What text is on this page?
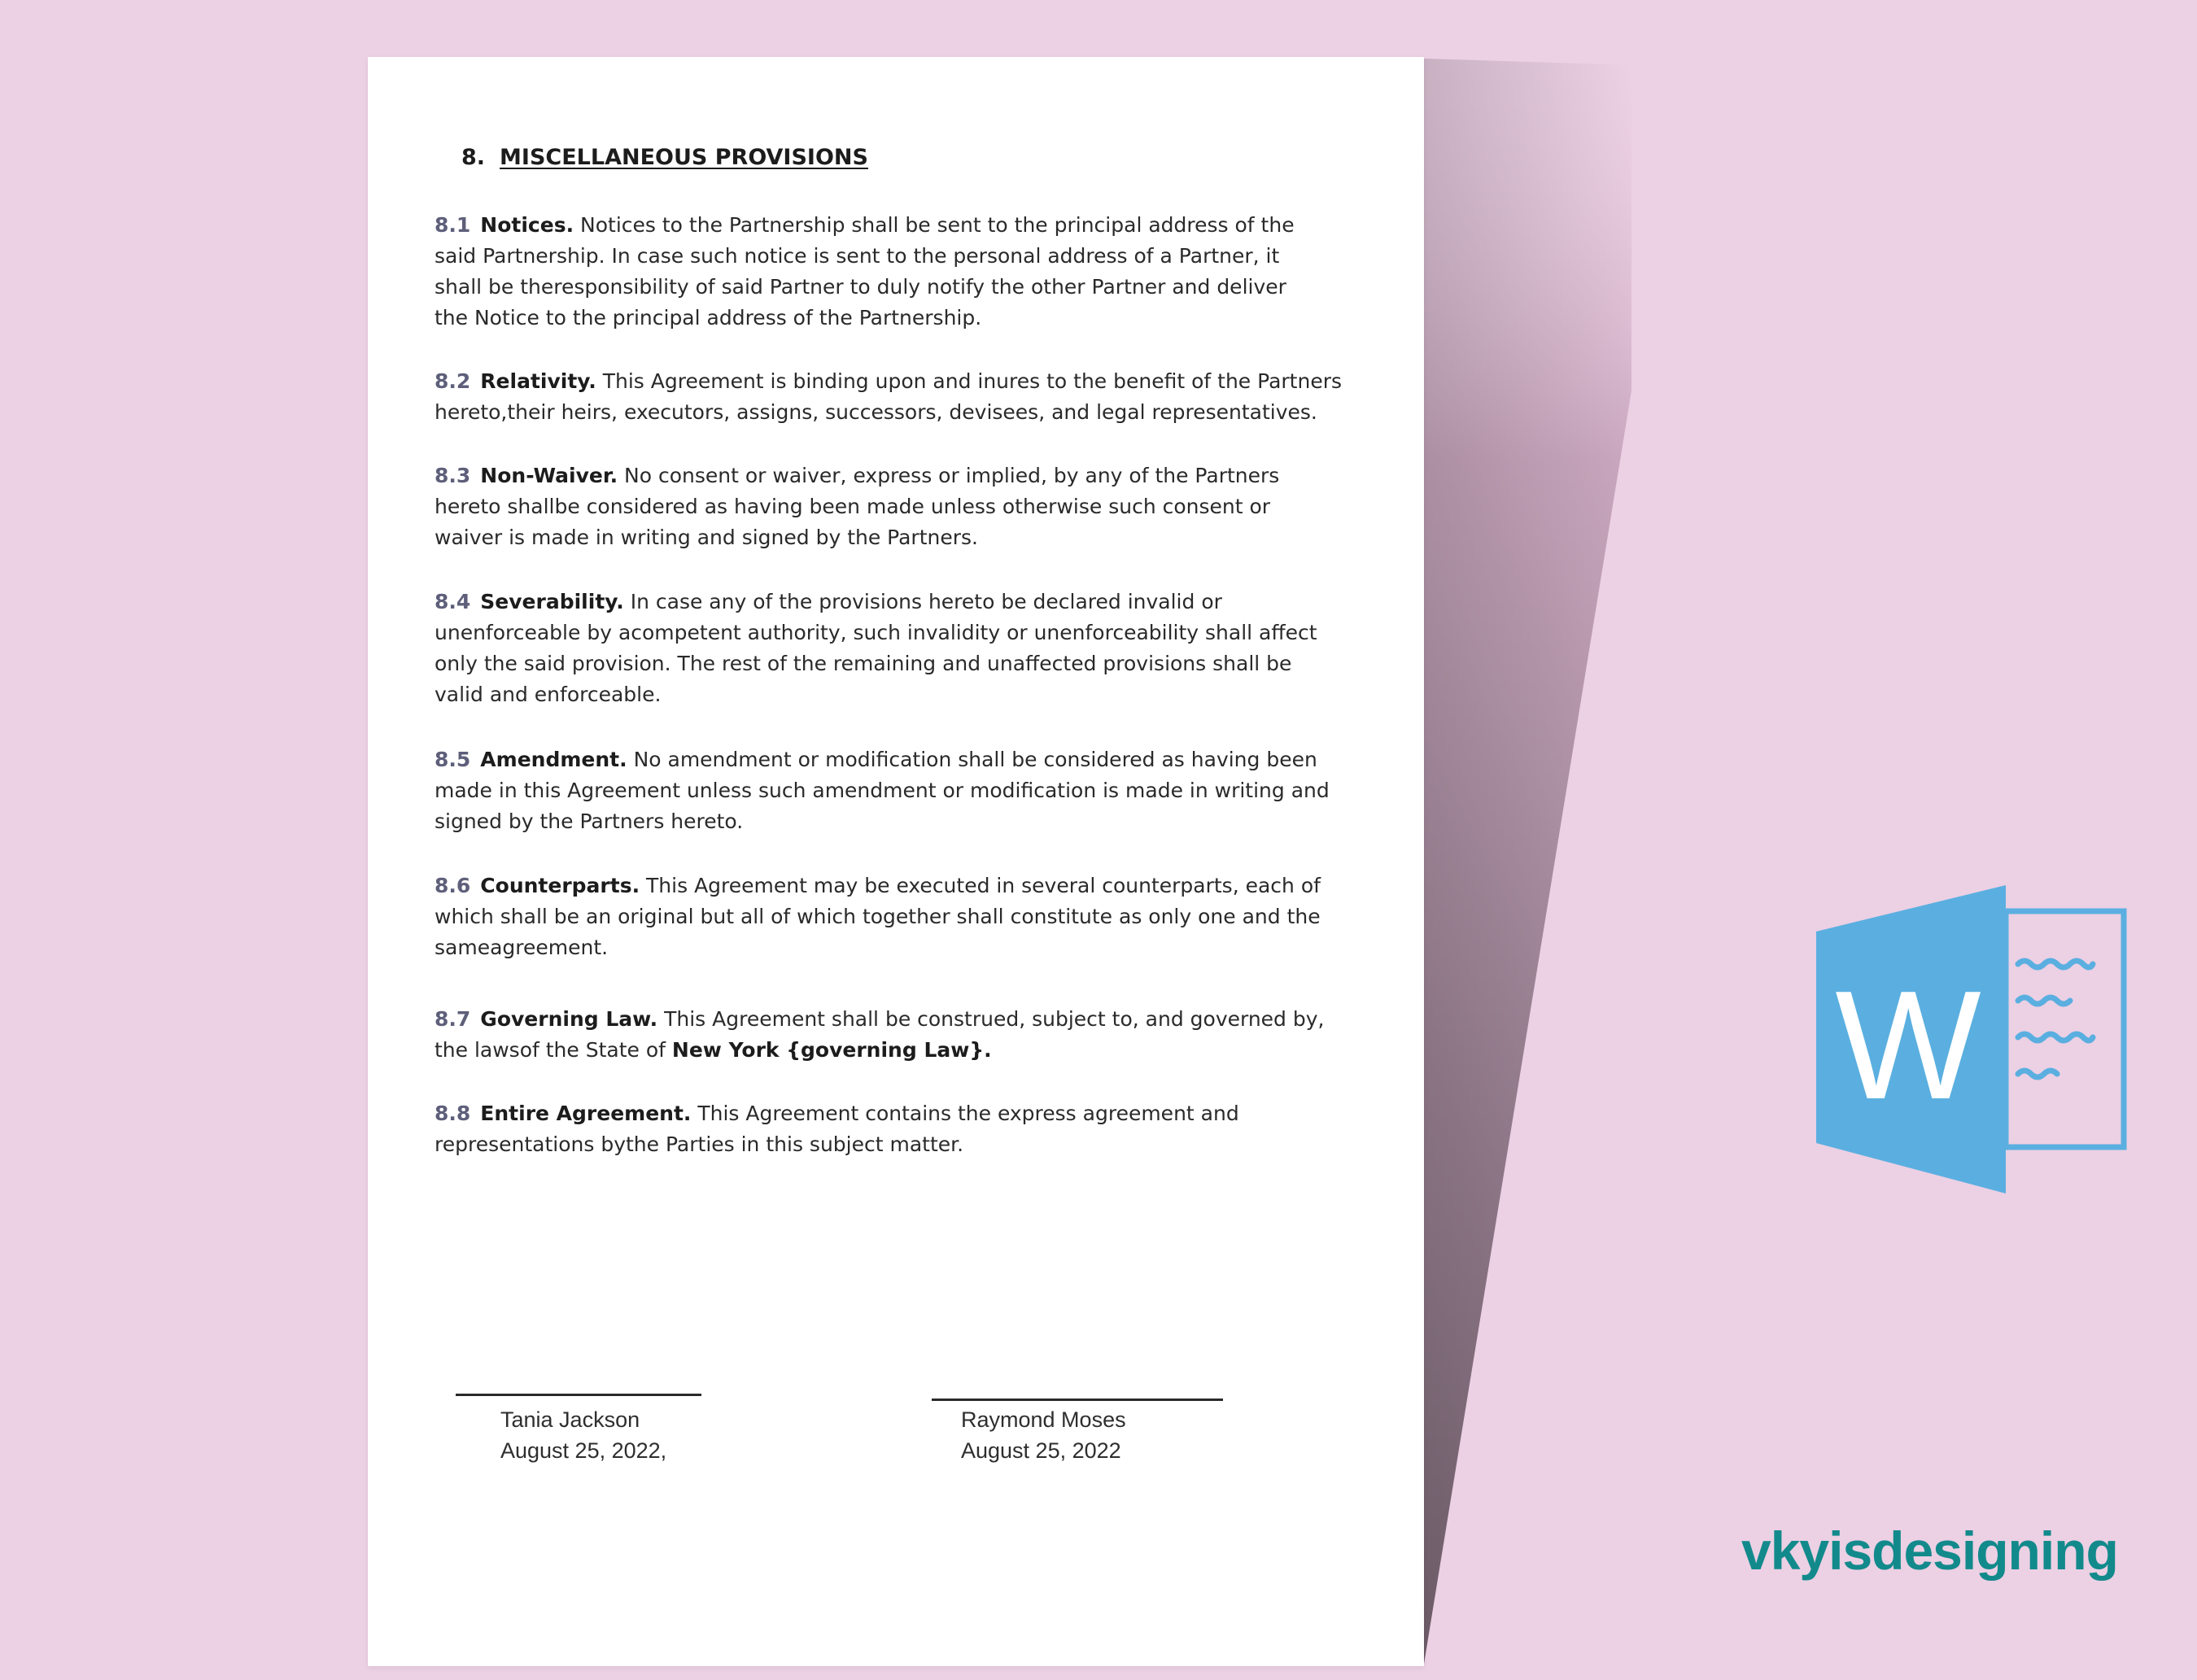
8. MISCELLANEOUS PROVISIONS
8.1 Notices. Notices to the Partnership shall be sent to the principal address of the
said Partnership. In case such notice is sent to the personal address of a Partner, it
shall be theresponsibility of said Partner to duly notify the other Partner and deliver
the Notice to the principal address of the Partnership.
8.2 Relativity. This Agreement is binding upon and inures to the benefit of the Partners
hereto,their heirs, executors, assigns, successors, devisees, and legal representatives.
8.3 Non-Waiver. No consent or waiver, express or implied, by any of the Partners
hereto shallbe considered as having been made unless otherwise such consent or
waiver is made in writing and signed by the Partners.
8.4 Severability. In case any of the provisions hereto be declared invalid or
unenforceable by acompetent authority, such invalidity or unenforceability shall affect
only the said provision. The rest of the remaining and unaffected provisions shall be
valid and enforceable.
8.5 Amendment. No amendment or modification shall be considered as having been
made in this Agreement unless such amendment or modification is made in writing and
signed by the Partners hereto.
8.6 Counterparts. This Agreement may be executed in several counterparts, each of
which shall be an original but all of which together shall constitute as only one and the
sameagreement.
8.7 Governing Law. This Agreement shall be construed, subject to, and governed by,
the lawsof the State of New York {governing Law}.
8.8 Entire Agreement. This Agreement contains the express agreement and
representations bythe Parties in this subject matter.
Tania Jackson
August 25, 2022,
Raymond Moses
August 25, 2022
W
vkyisdesigning
